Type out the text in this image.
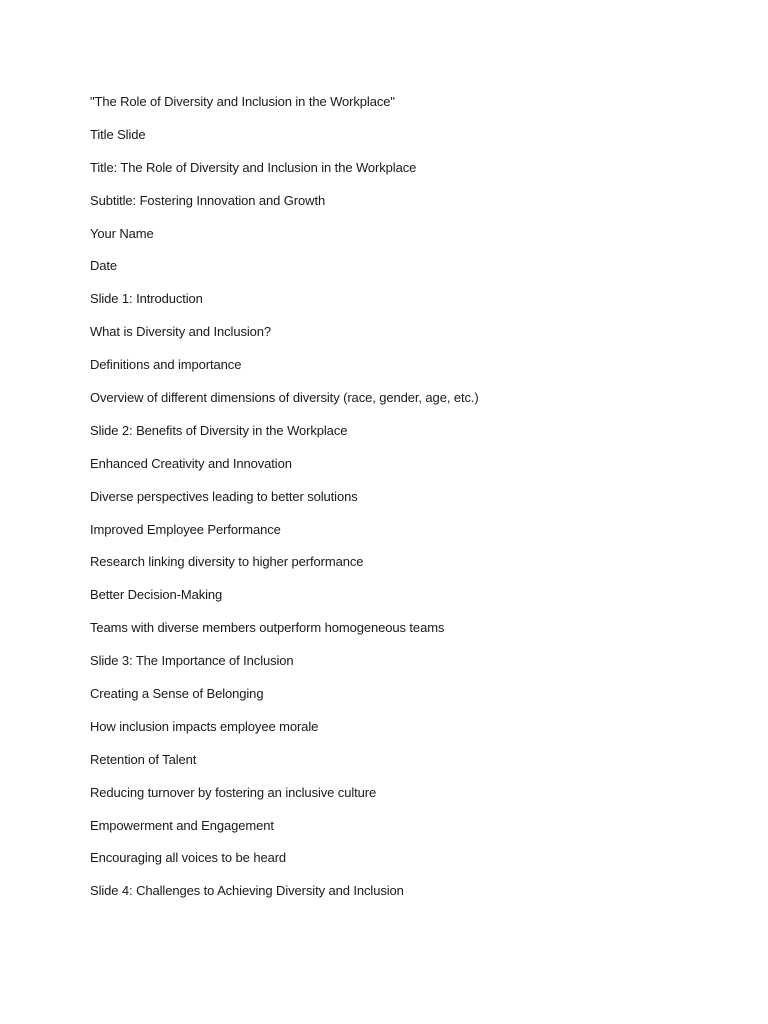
"The Role of Diversity and Inclusion in the Workplace"
Title Slide
Title: The Role of Diversity and Inclusion in the Workplace
Subtitle: Fostering Innovation and Growth
Your Name
Date
Slide 1: Introduction
What is Diversity and Inclusion?
Definitions and importance
Overview of different dimensions of diversity (race, gender, age, etc.)
Slide 2: Benefits of Diversity in the Workplace
Enhanced Creativity and Innovation
Diverse perspectives leading to better solutions
Improved Employee Performance
Research linking diversity to higher performance
Better Decision-Making
Teams with diverse members outperform homogeneous teams
Slide 3: The Importance of Inclusion
Creating a Sense of Belonging
How inclusion impacts employee morale
Retention of Talent
Reducing turnover by fostering an inclusive culture
Empowerment and Engagement
Encouraging all voices to be heard
Slide 4: Challenges to Achieving Diversity and Inclusion
